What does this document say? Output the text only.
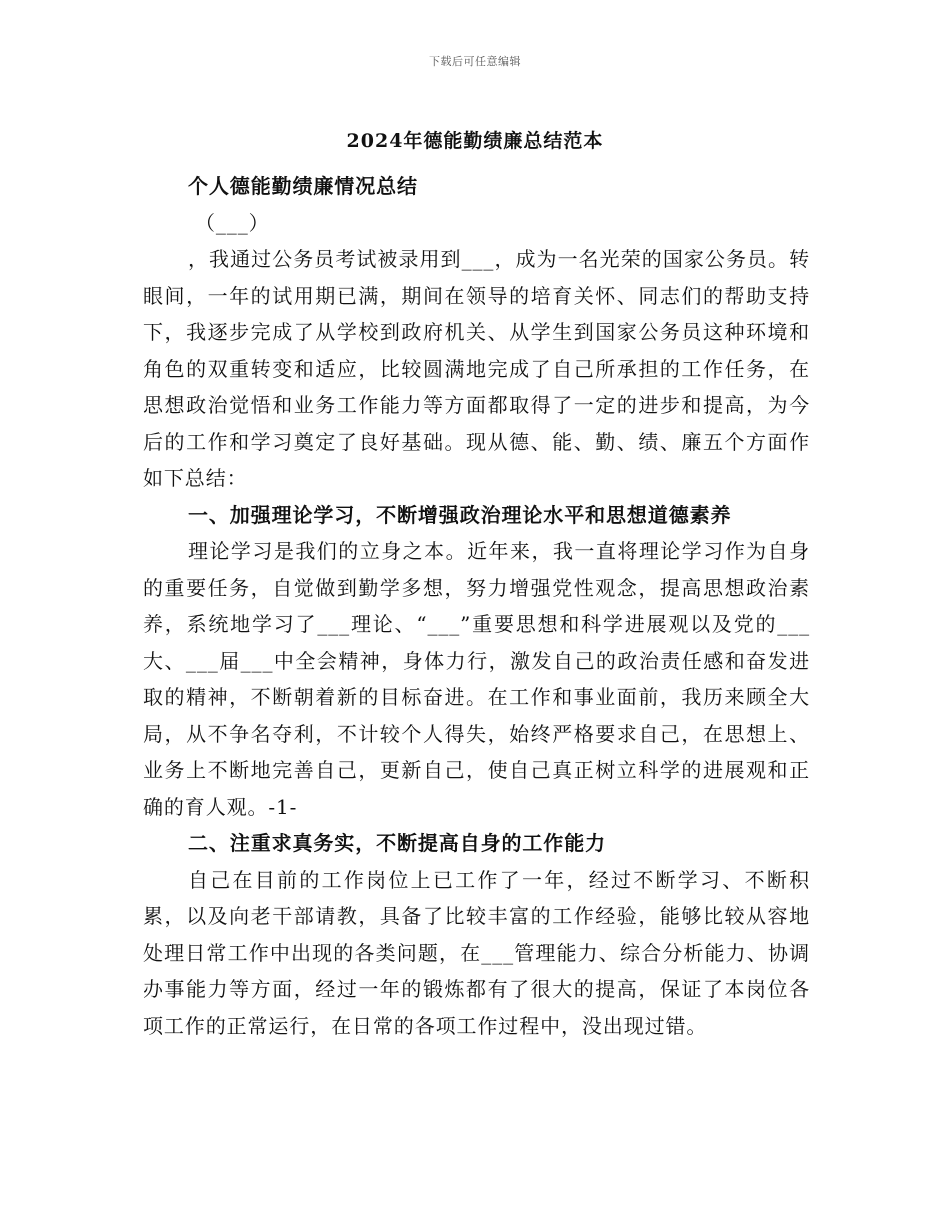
下载后可任意编辑
2024年德能勤绩廉总结范本

个人德能勤绩廉情况总结

（___）

，我通过公务员考试被录用到___，成为一名光荣的国家公务员。转眼间，一年的试用期已满，期间在领导的培育关怀、同志们的帮助支持下，我逐步完成了从学校到政府机关、从学生到国家公务员这种环境和角色的双重转变和适应，比较圆满地完成了自己所承担的工作任务，在思想政治觉悟和业务工作能力等方面都取得了一定的进步和提高，为今后的工作和学习奠定了良好基础。现从德、能、勤、绩、廉五个方面作如下总结：

一、加强理论学习，不断增强政治理论水平和思想道德素养

理论学习是我们的立身之本。近年来，我一直将理论学习作为自身的重要任务，自觉做到勤学多想，努力增强党性观念，提高思想政治素养，系统地学习了___理论、“___”重要思想和科学进展观以及党的___大、___届___中全会精神，身体力行，激发自己的政治责任感和奋发进取的精神，不断朝着新的目标奋进。在工作和事业面前，我历来顾全大局，从不争名夺利，不计较个人得失，始终严格要求自己，在思想上、业务上不断地完善自己，更新自己，使自己真正树立科学的进展观和正确的育人观。-1-

二、注重求真务实，不断提高自身的工作能力

自己在目前的工作岗位上已工作了一年，经过不断学习、不断积累，以及向老干部请教，具备了比较丰富的工作经验，能够比较从容地处理日常工作中出现的各类问题，在___管理能力、综合分析能力、协调办事能力等方面，经过一年的锻炼都有了很大的提高，保证了本岗位各项工作的正常运行，在日常的各项工作过程中，没出现过错。
